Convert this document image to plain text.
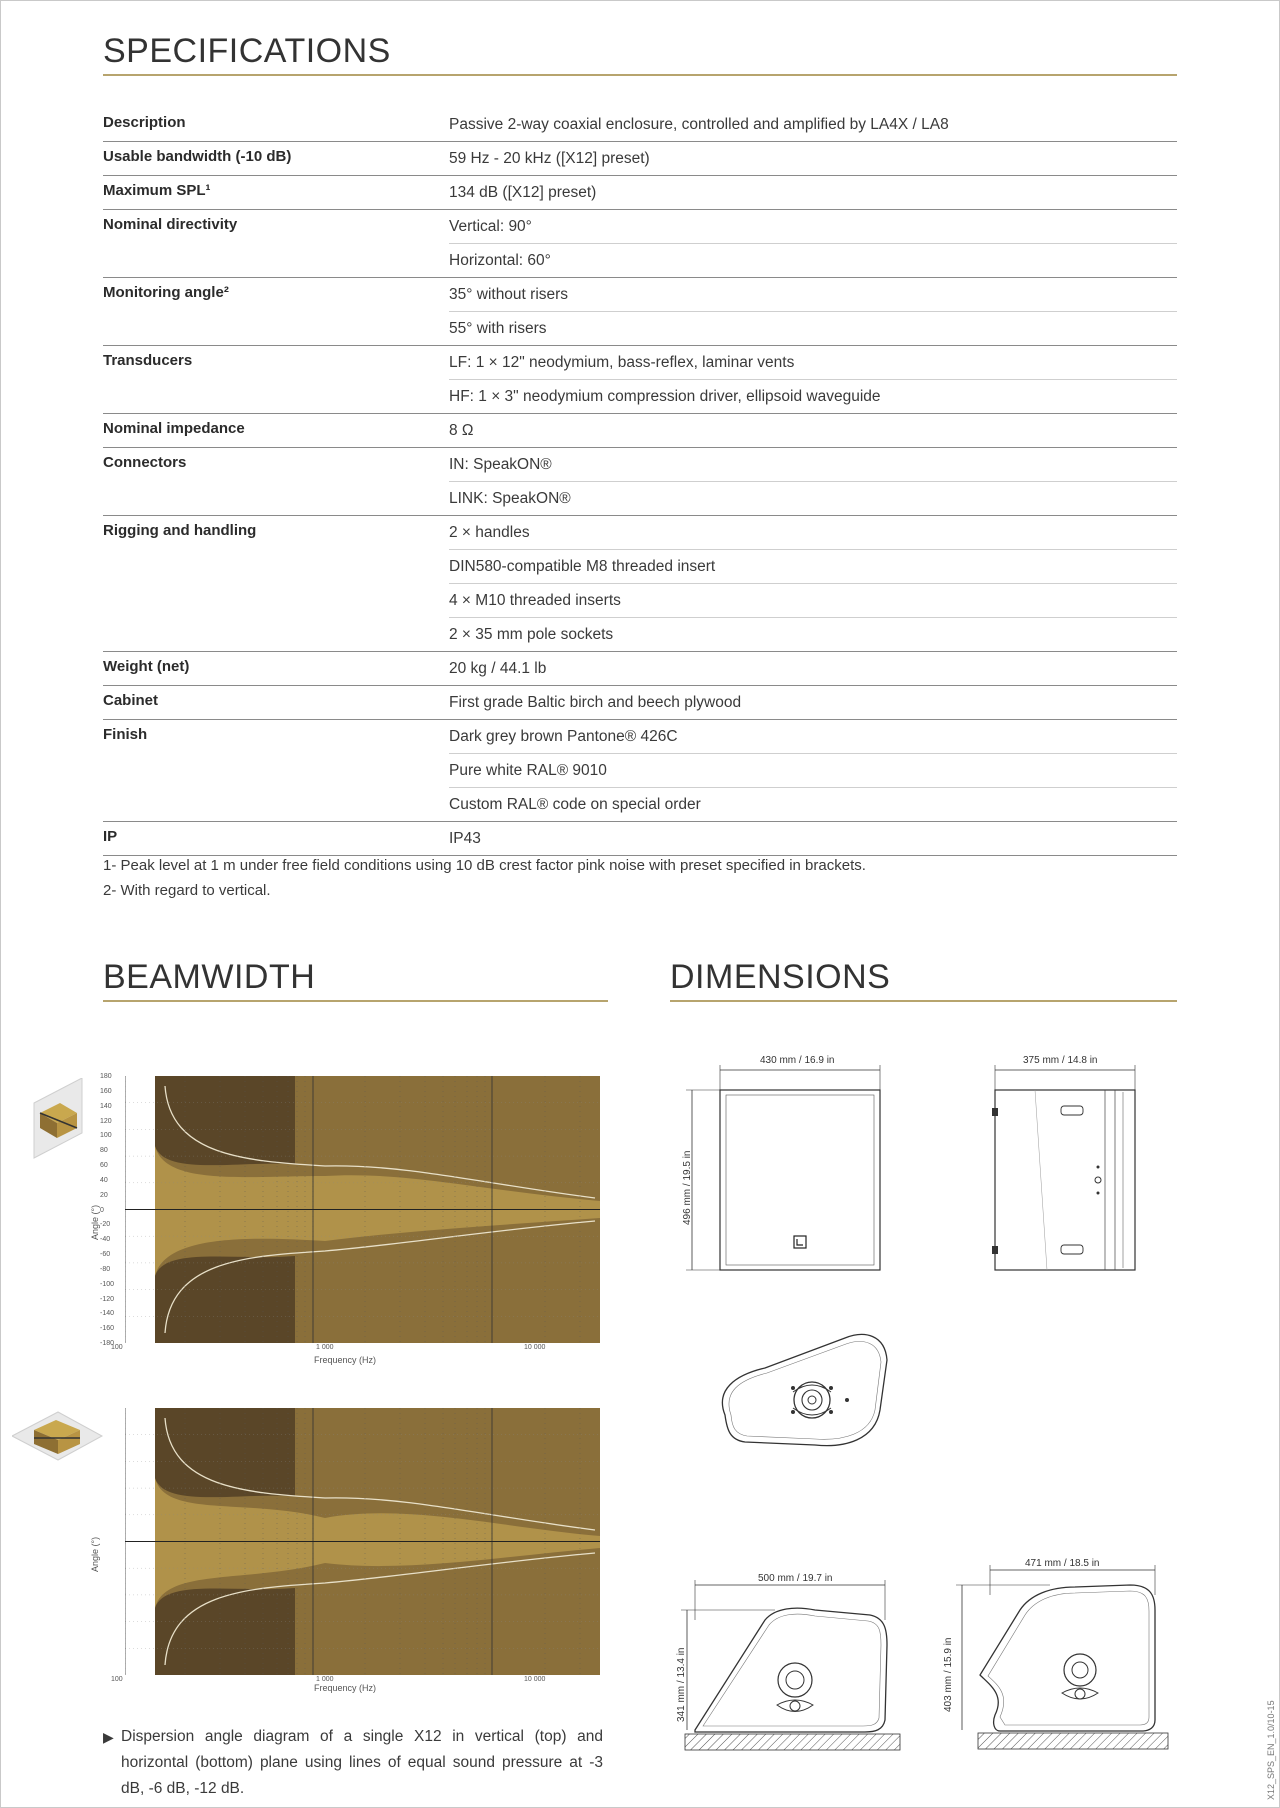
SPECIFICATIONS
Description	Passive 2-way coaxial enclosure, controlled and amplified by LA4X / LA8
Usable bandwidth (-10 dB)	59 Hz - 20 kHz ([X12] preset)
Maximum SPL¹	134 dB ([X12] preset)
Nominal directivity	Vertical: 90°
Horizontal: 60°
Monitoring angle²	35° without risers
55° with risers
Transducers	LF: 1 × 12" neodymium, bass-reflex, laminar vents
HF: 1 × 3" neodymium compression driver, ellipsoid waveguide
Nominal impedance	8 Ω
Connectors	IN: SpeakON®
LINK: SpeakON®
Rigging and handling	2 × handles
DIN580-compatible M8 threaded insert
4 × M10 threaded inserts
2 × 35 mm pole sockets
Weight (net)	20 kg / 44.1 lb
Cabinet	First grade Baltic birch and beech plywood
Finish	Dark grey brown Pantone® 426C
Pure white RAL® 9010
Custom RAL® code on special order
IP	IP43
1- Peak level at 1 m under free field conditions using 10 dB crest factor pink noise with preset specified in brackets.
2- With regard to vertical.
BEAMWIDTH
Angle (°)
Frequency (Hz)
100	1 000	10 000
180
160
140
120
100
80
60
40
20
0
-20
-40
-60
-80
-100
-120
-140
-160
-180
Angle (°)
Frequency (Hz)
100	1 000	10 000
▶ Dispersion angle diagram of a single X12 in vertical (top) and horizontal (bottom) plane using lines of equal sound pressure at -3 dB, -6 dB, -12 dB.
DIMENSIONS
430 mm / 16.9 in
496 mm / 19.5 in
375 mm / 14.8 in
500 mm / 19.7 in
341 mm / 13.4 in
471 mm / 18.5 in
403 mm / 15.9 in
X12_SPS_EN_1.0/10-15
